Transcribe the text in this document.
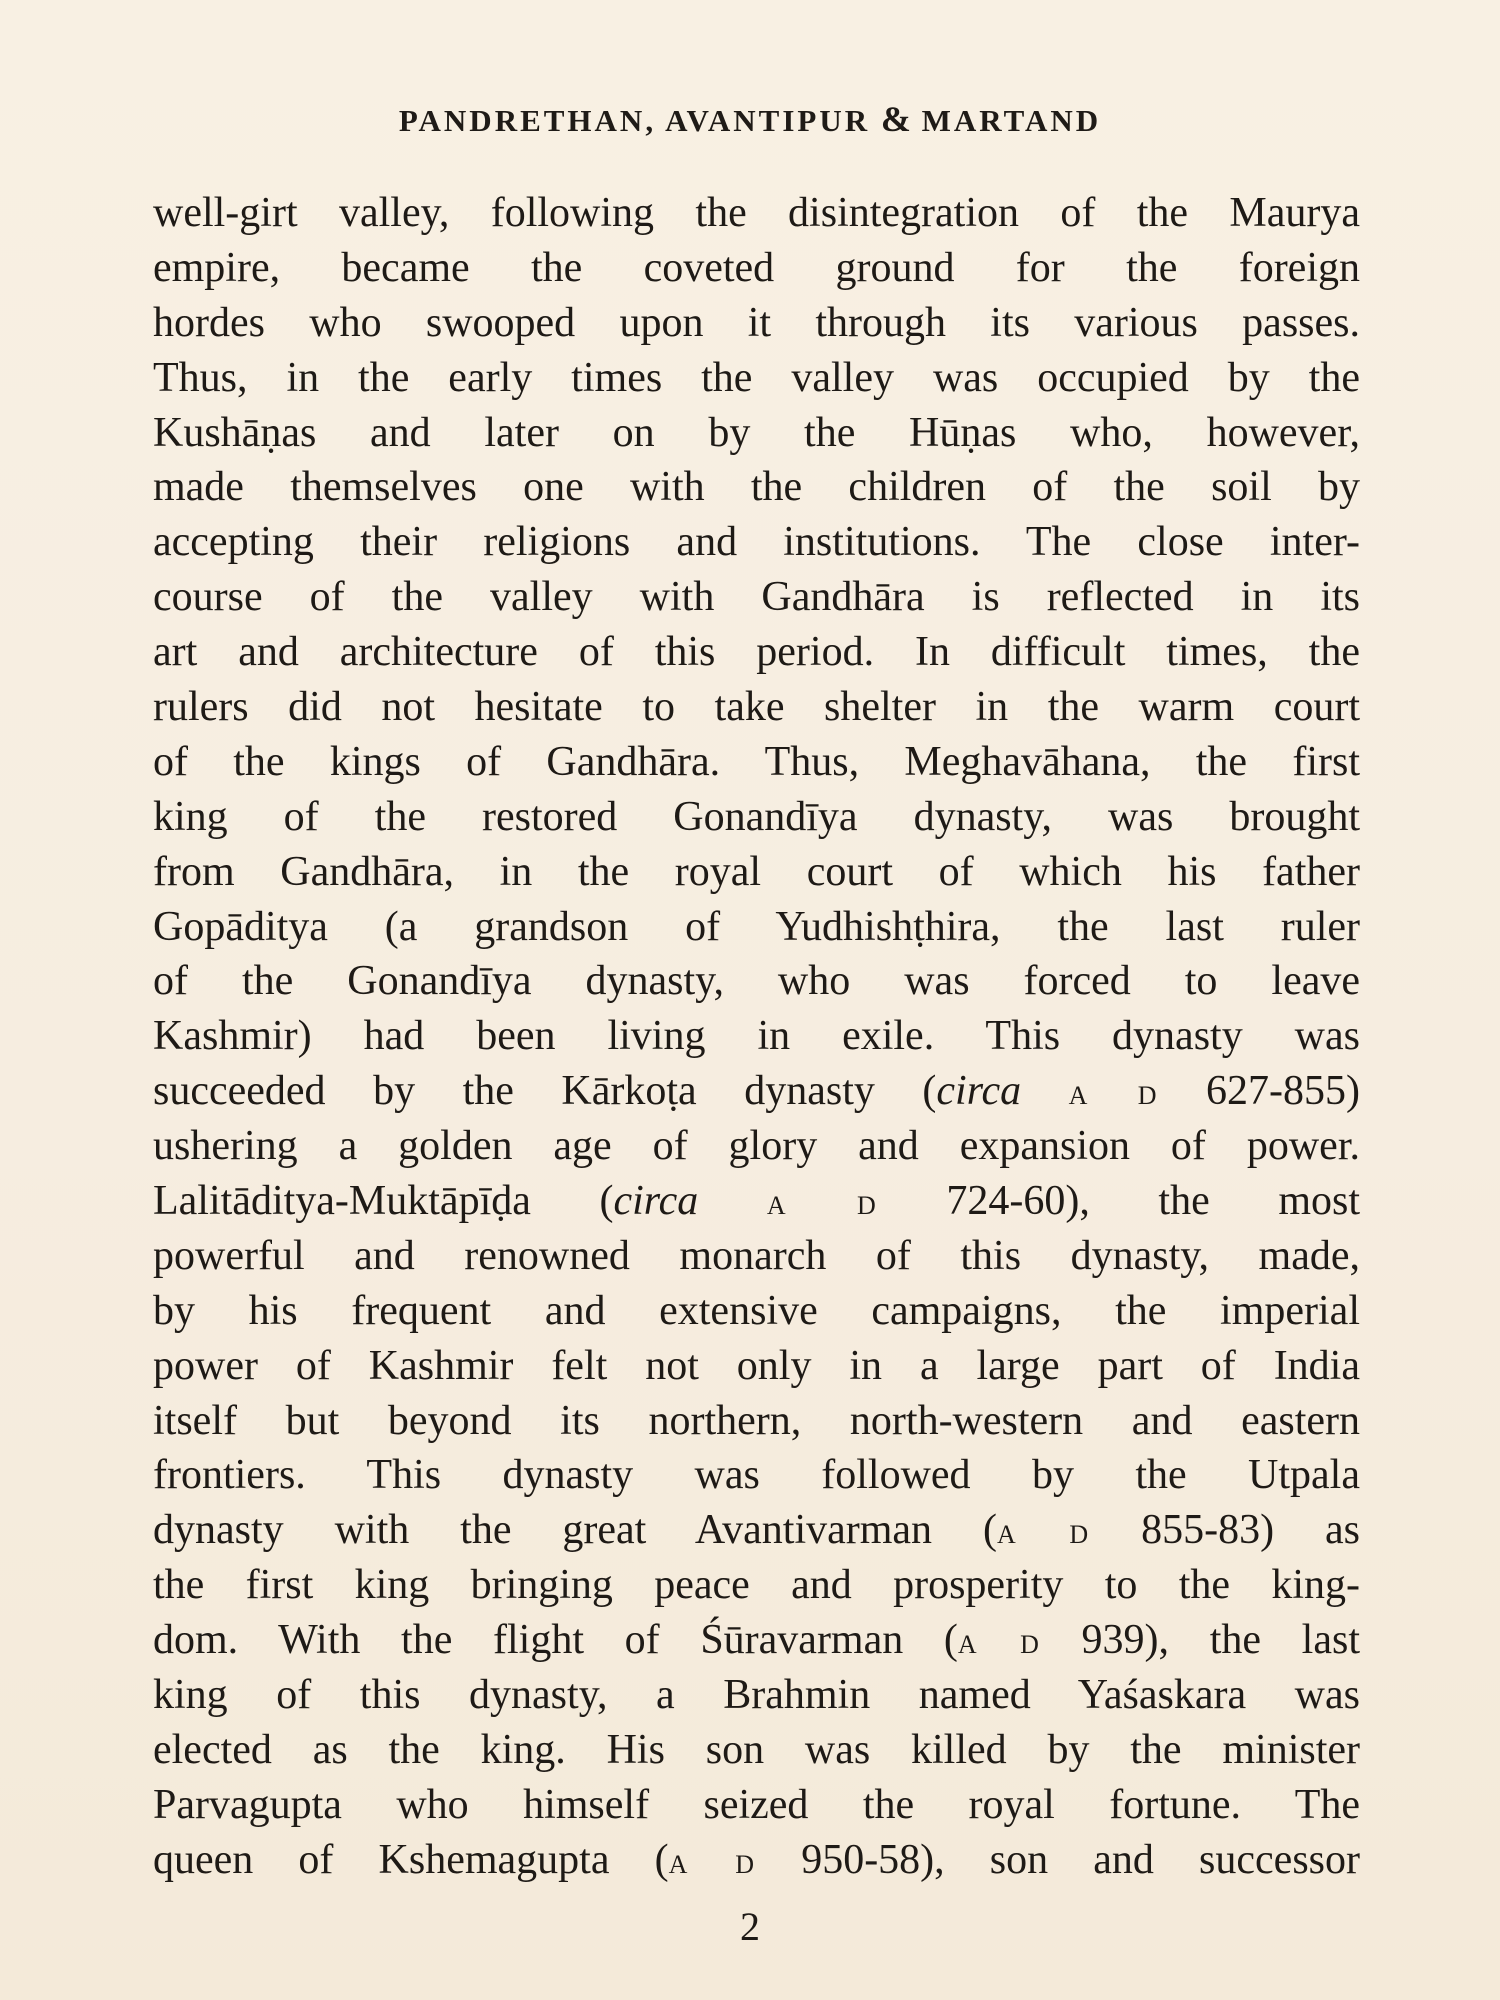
PANDRETHAN, AVANTIPUR & MARTAND
well-girt valley, following the disintegration of the Maurya
empire, became the coveted ground for the foreign
hordes who swooped upon it through its various passes.
Thus, in the early times the valley was occupied by the
Kushāṇas and later on by the Hūṇas who, however,
made themselves one with the children of the soil by
accepting their religions and institutions. The close inter-
course of the valley with Gandhāra is reflected in its
art and architecture of this period. In difficult times, the
rulers did not hesitate to take shelter in the warm court
of the kings of Gandhāra. Thus, Meghavāhana, the first
king of the restored Gonandīya dynasty, was brought
from Gandhāra, in the royal court of which his father
Gopāditya (a grandson of Yudhishṭhira, the last ruler
of the Gonandīya dynasty, who was forced to leave
Kashmir) had been living in exile. This dynasty was
succeeded by the Kārkoṭa dynasty (circa a d 627-855)
ushering a golden age of glory and expansion of power.
Lalitāditya-Muktāpīḍa (circa a d 724-60), the most
powerful and renowned monarch of this dynasty, made,
by his frequent and extensive campaigns, the imperial
power of Kashmir felt not only in a large part of India
itself but beyond its northern, north-western and eastern
frontiers. This dynasty was followed by the Utpala
dynasty with the great Avantivarman (a d 855-83) as
the first king bringing peace and prosperity to the king-
dom. With the flight of Śūravarman (a d 939), the last
king of this dynasty, a Brahmin named Yaśaskara was
elected as the king. His son was killed by the minister
Parvagupta who himself seized the royal fortune. The
queen of Kshemagupta (a d 950-58), son and successor
2
